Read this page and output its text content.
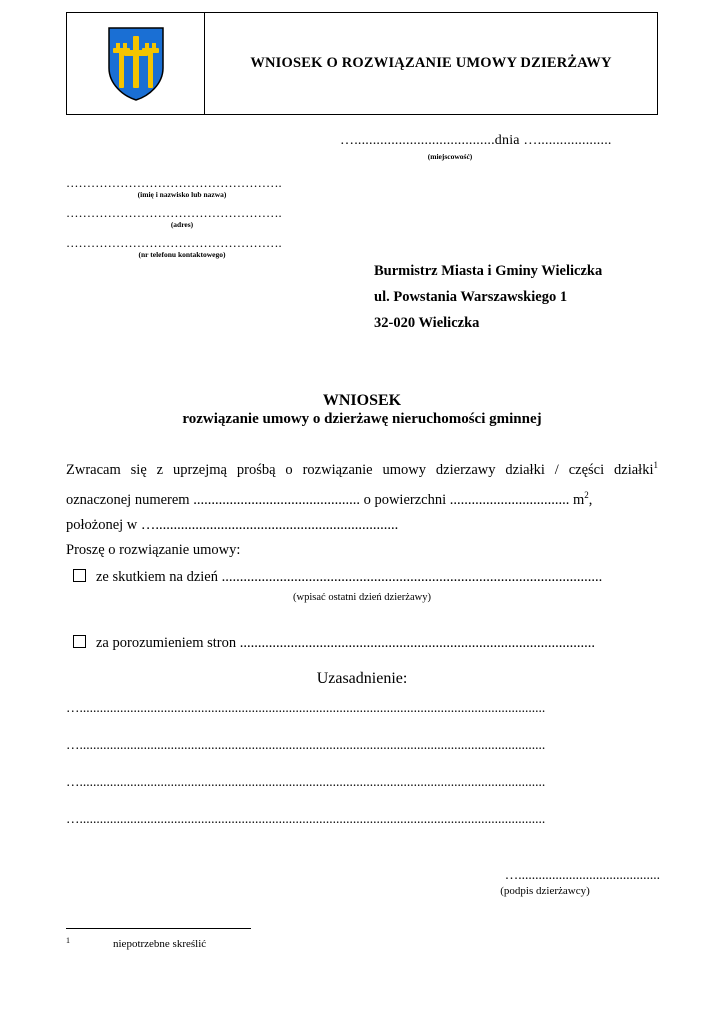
WNIOSEK O ROZWIĄZANIE UMOWY DZIERŻAWY
…......................................dnia …....................
(miejscowość)
…………………………………………….
(imię i nazwisko lub nazwa)
…………………………………………….
(adres)
…………………………………………….
(nr telefonu kontaktowego)
Burmistrz Miasta i Gminy Wieliczka
ul. Powstania Warszawskiego 1
32-020 Wieliczka
WNIOSEK
rozwiązanie umowy o dzierżawę nieruchomości gminnej
Zwracam się z uprzejmą prośbą o rozwiązanie umowy dzierzawy działki / części działki$^1$
oznaczonej numerem .............................................. o powierzchni ................................. m$^2$,
położonej w …...................................................................
Proszę o rozwiązanie umowy:
ze skutkiem na dzień .........................................................................................................
(wpisać ostatni dzień dzierżawy)
za porozumieniem stron ..................................................................................................
Uzasadnienie:
…..........................................................................................................................................
…..........................................................................................................................................
…..........................................................................................................................................
…..........................................................................................................................................
…..........................................
(podpis dzierżawcy)
$^1$	niepotrzebne skreślić
